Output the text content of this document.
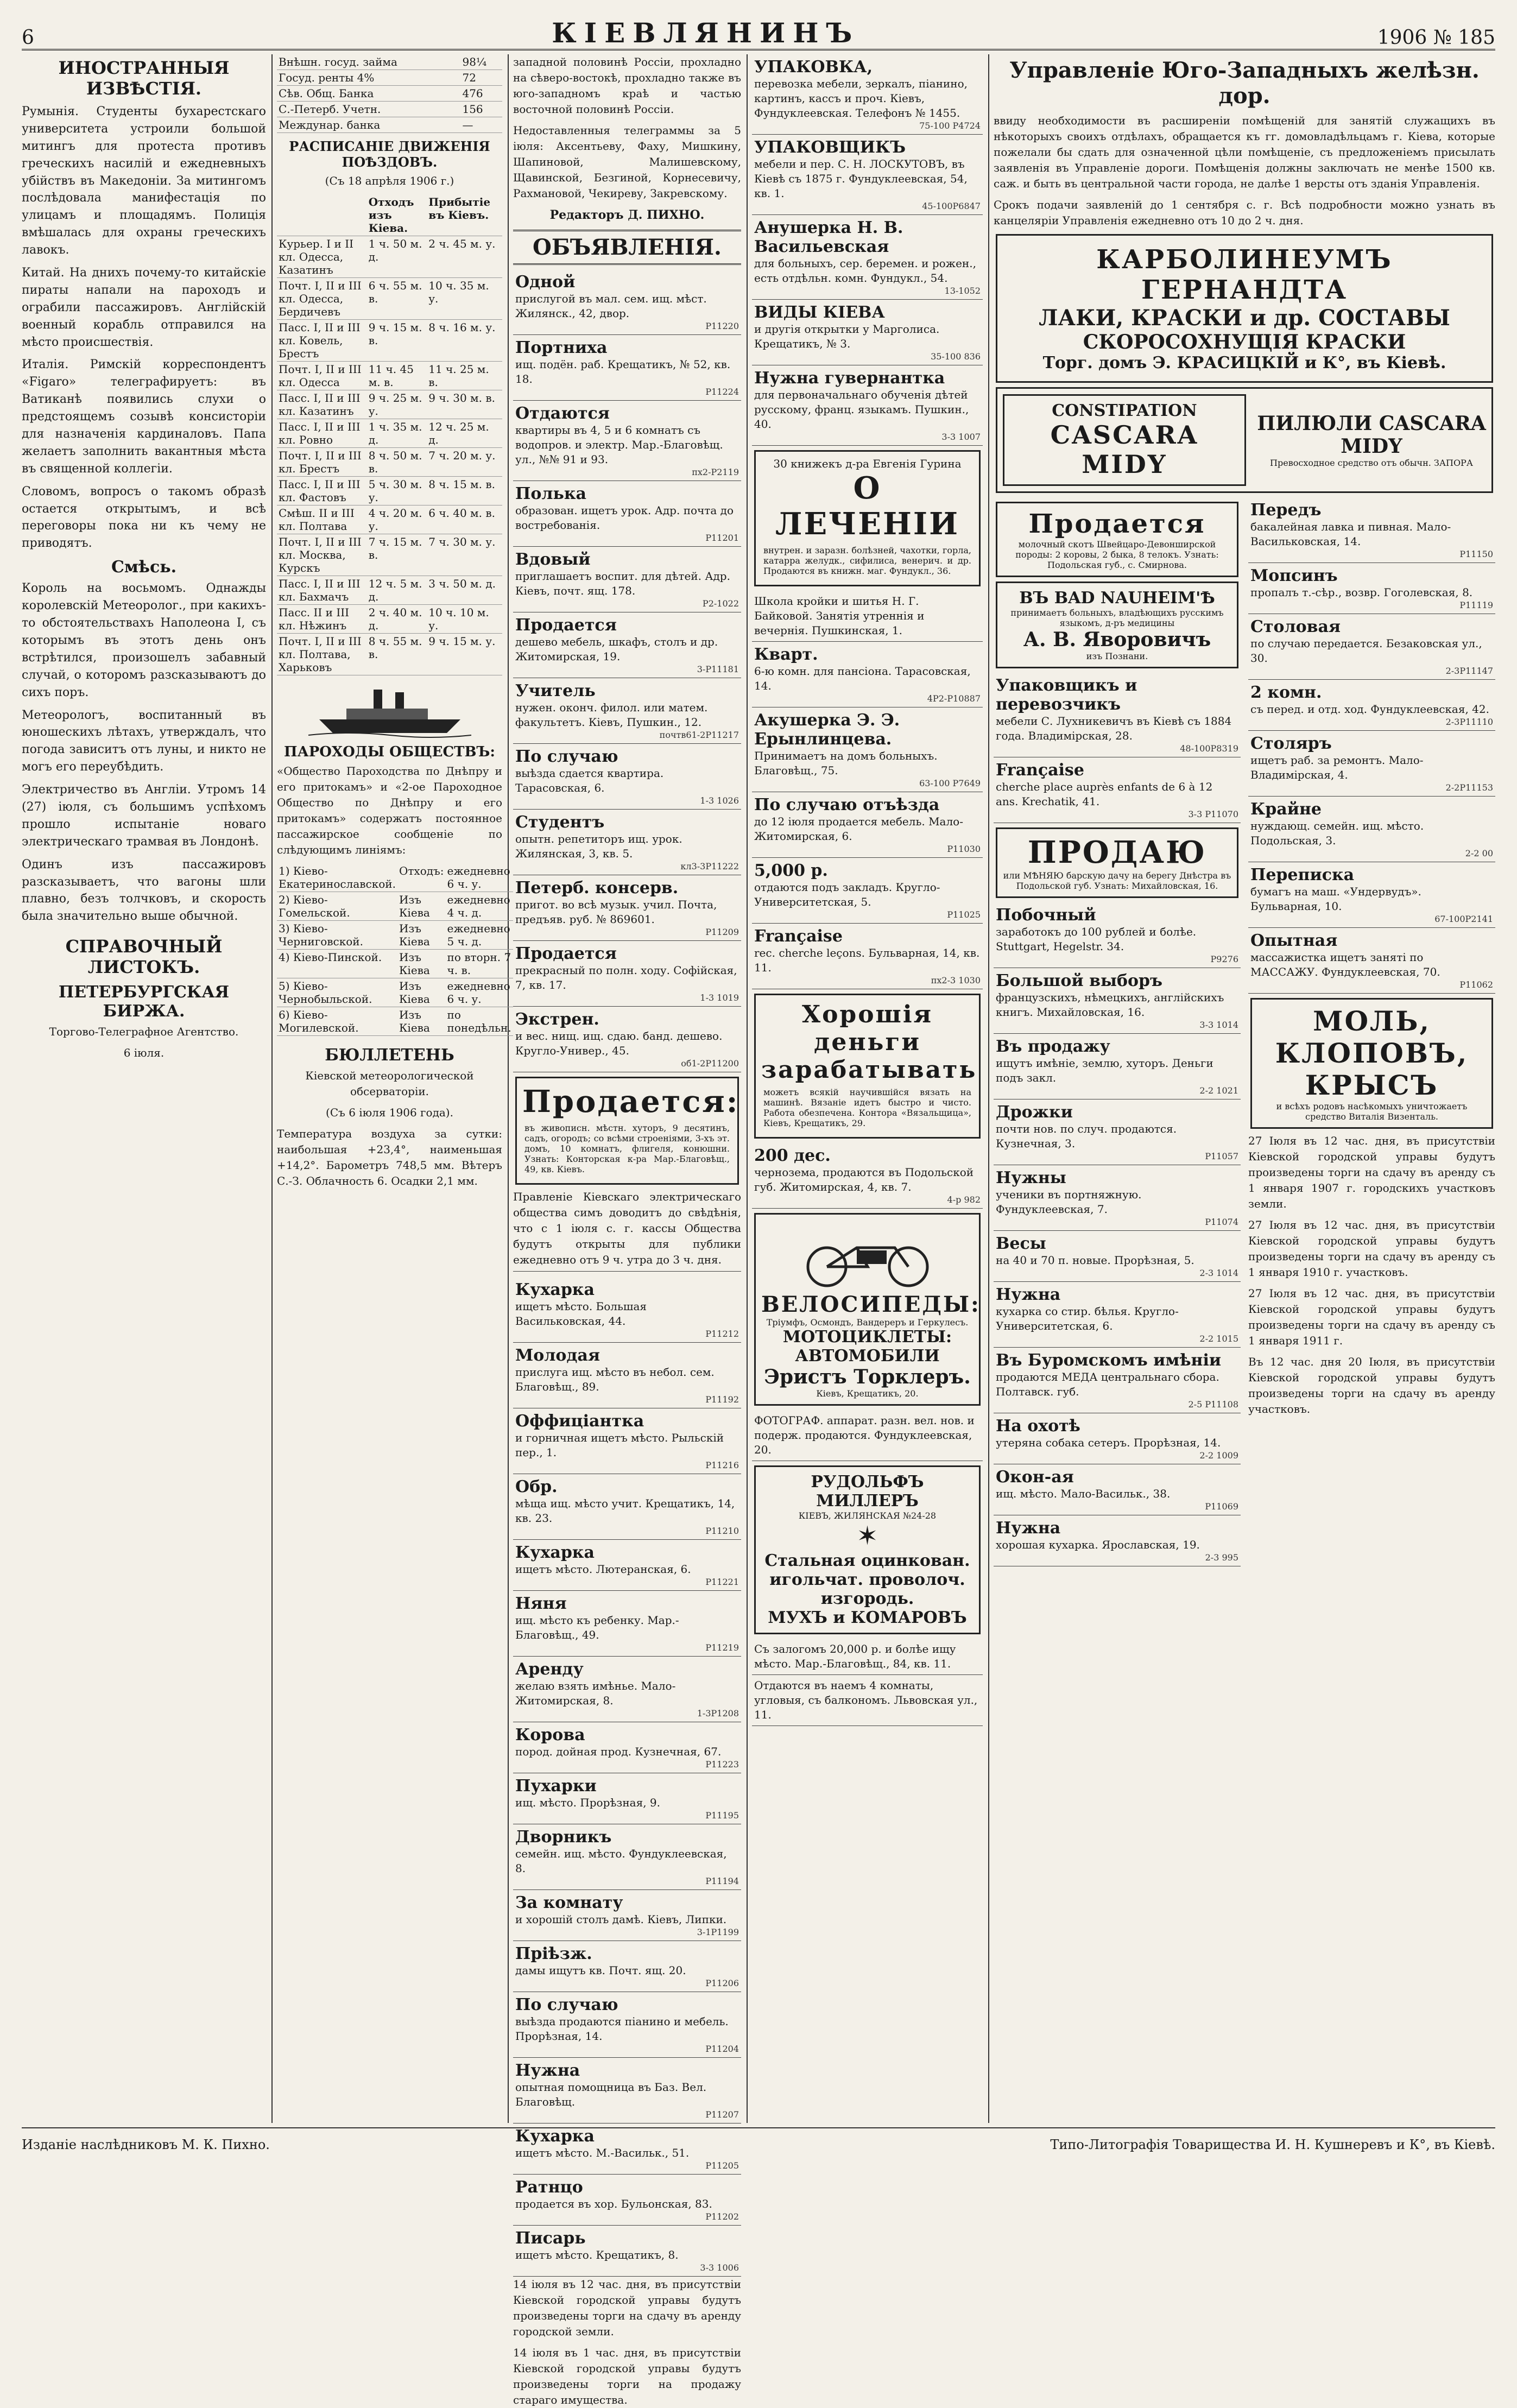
6	КІЕВЛЯНИНЪ	1906 № 185
ИНОСТРАННЫЯ ИЗВѢСТІЯ.

Румынія. Студенты бухарестскаго университета устроили большой митингъ для протеста противъ греческихъ насилій и ежедневныхъ убійствъ въ Македоніи. За митингомъ послѣдовала манифестація по улицамъ и площадямъ. Полиція вмѣшалась для охраны греческихъ лавокъ.

Китай. На днихъ почему-то китайскіе пираты напали на пароходъ и ограбили пассажировъ. Англійскій военный корабль отправился на мѣсто происшествія.

Италія. Римскій корреспондентъ «Figaro» телеграфируетъ: въ Ватиканѣ появились слухи о предстоящемъ созывѣ консисторіи для назначенія кардиналовъ. Папа желаетъ заполнить вакантныя мѣста въ священной коллегіи.

Словомъ, вопросъ о такомъ образѣ остается открытымъ, и всѣ переговоры пока ни къ чему не приводятъ.

Смѣсь.

Король на восьмомъ. Однажды королевскій Метеоролог., при какихъ-то обстоятельствахъ Наполеона I, съ которымъ въ этотъ день онъ встрѣтился, произошелъ забавный случай, о которомъ разсказываютъ до сихъ поръ.

Метеорологъ, воспитанный въ юношескихъ лѣтахъ, утверждалъ, что погода зависитъ отъ луны, и никто не могъ его переубѣдить.

Электричество въ Англіи. Утромъ 14 (27) іюля, съ большимъ успѣхомъ прошло испытаніе новаго электрическаго трамвая въ Лондонѣ.

Одинъ изъ пассажировъ разсказываетъ, что вагоны шли плавно, безъ толчковъ, и скорость была значительно выше обычной.

СПРАВОЧНЫЙ ЛИСТОКЪ.
ПЕТЕРБУРГСКАЯ БИРЖА.

Торгово-Телеграфное Агентство.

6 іюля.

Внѣшн. госуд. займа	98¼
Госуд. ренты 4%	72
Сѣв. Общ. Банка	476
С.-Петерб. Учетн.	156
Междунар. банка	—
РАСПИСАНІЕ ДВИЖЕНІЯ ПОѢЗДОВЪ.

(Съ 18 апрѣля 1906 г.)

	Отходъ изъ Кіева.	Прибытіе въ Кіевъ.
Курьер. I и II кл. Одесса, Казатинъ	1 ч. 50 м. д.	2 ч. 45 м. у.
Почт. I, II и III кл. Одесса, Бердичевъ	6 ч. 55 м. в.	10 ч. 35 м. у.
Пасс. I, II и III кл. Ковель, Брестъ	9 ч. 15 м. в.	8 ч. 16 м. у.
Почт. I, II и III кл. Одесса	11 ч. 45 м. в.	11 ч. 25 м. в.
Пасс. I, II и III кл. Казатинъ	9 ч. 25 м. у.	9 ч. 30 м. в.
Пасс. I, II и III кл. Ровно	1 ч. 35 м. д.	12 ч. 25 м. д.
Почт. I, II и III кл. Брестъ	8 ч. 50 м. в.	7 ч. 20 м. у.
Пасс. I, II и III кл. Фастовъ	5 ч. 30 м. у.	8 ч. 15 м. в.
Смѣш. II и III кл. Полтава	4 ч. 20 м. у.	6 ч. 40 м. в.
Почт. I, II и III кл. Москва, Курскъ	7 ч. 15 м. в.	7 ч. 30 м. у.
Пасс. I, II и III кл. Бахмачъ	12 ч. 5 м. д.	3 ч. 50 м. д.
Пасс. II и III кл. Нѣжинъ	2 ч. 40 м. д.	10 ч. 10 м. у.
Почт. I, II и III кл. Полтава, Харьковъ	8 ч. 55 м. в.	9 ч. 15 м. у.
ПАРОХОДЫ ОБЩЕСТВЪ:

«Общество Пароходства по Днѣпру и его притокамъ» и «2-ое Пароходное Общество по Днѣпру и его притокамъ» содержатъ постоянное пассажирское сообщеніе по слѣдующимъ линіямъ:

1) Кіево-Екатеринославской.	Отходъ:	ежедневно 6 ч. у.
2) Кіево-Гомельской.	Изъ Кіева	ежедневно 4 ч. д.
3) Кіево-Черниговской.	Изъ Кіева	ежедневно 5 ч. д.
4) Кіево-Пинской.	Изъ Кіева	по вторн. 7 ч. в.
5) Кіево-Чернобыльской.	Изъ Кіева	ежедневно 6 ч. у.
6) Кіево-Могилевской.	Изъ Кіева	по понедѣльн.
БЮЛЛЕТЕНЬ

Кіевской метеорологической обсерваторіи.

(Съ 6 іюля 1906 года).

Температура воздуха за сутки: наибольшая +23,4°, наименьшая +14,2°. Барометръ 748,5 мм. Вѣтеръ С.-З. Облачность 6. Осадки 2,1 мм.

западной половинѣ Россіи, прохладно на сѣверо-востокѣ, прохладно также въ юго-западномъ краѣ и частью восточной половинѣ Россіи.

Недоставленныя телеграммы за 5 іюля: Аксентьеву, Фаху, Мишкину, Шапиновой, Малишевскому, Щавинской, Безгиной, Корнесевичу, Рахмановой, Чекиреву, Закревскому.

Редакторъ Д. ПИХНО.

ОБЪЯВЛЕНІЯ.
Одной
прислугой въ мал. сем. ищ. мѣст. Жилянск., 42, двор.
Р11220
Портниха
ищ. подён. раб. Крещатикъ, № 52, кв. 18.
Р11224
Отдаются
квартиры въ 4, 5 и 6 комнатъ съ водопров. и электр. Мар.-Благовѣщ. ул., №№ 91 и 93.
пх2-Р2119
Полька
образован. ищетъ урок. Адр. почта до востребованія.
Р11201
Вдовый
приглашаетъ воспит. для дѣтей. Адр. Кіевъ, почт. ящ. 178.
Р2-1022
Продается
дешево мебель, шкафъ, столъ и др. Житомирская, 19.
3-Р11181
Учитель
нужен. оконч. филол. или матем. факультетъ. Кіевъ, Пушкин., 12.
почтв61-2Р11217
По случаю
выѣзда сдается квартира. Тарасовская, 6.
1-3 1026
Студентъ
опытн. репетиторъ ищ. урок. Жилянская, 3, кв. 5.
кл3-3Р11222
Петерб. консерв.
пригот. во всѣ музык. учил. Почта, предъяв. руб. № 869601.
Р11209
Продается
прекрасный по полн. ходу. Софійская, 7, кв. 17.
1-3 1019
Экстрен.
и вес. нищ. ищ. сдаю. банд. дешево. Кругло-Универ., 45.
об1-2Р11200
Продается:
въ живописн. мѣстн. хуторъ, 9 десятинъ, садъ, огородъ; со всѣми строеніями, 3-хъ эт. домъ, 10 комнатъ, флигеля, конюшни. Узнать: Конторская к-ра Мар.-Благовѣщ., 49, кв. Кіевъ.

Правленіе Кіевскаго электрическаго общества симъ доводитъ до свѣдѣнія, что с 1 іюля с. г. кассы Общества будутъ открыты для публики ежедневно отъ 9 ч. утра до 3 ч. дня.

Кухарка
ищетъ мѣсто. Большая Васильковская, 44.
Р11212
Молодая
прислуга ищ. мѣсто въ небол. сем. Благовѣщ., 89.
Р11192
Оффиціантка
и горничная ищетъ мѣсто. Рыльскій пер., 1.
Р11216
Обр.
мѣща ищ. мѣсто учит. Крещатикъ, 14, кв. 23.
Р11210
Кухарка
ищетъ мѣсто. Лютеранская, 6.
Р11221
Няня
ищ. мѣсто къ ребенку. Мар.-Благовѣщ., 49.
Р11219
Аренду
желаю взять имѣнье. Мало-Житомирская, 8.
1-3Р1208
Корова
пород. дойная прод. Кузнечная, 67.
Р11223
Пухарки
ищ. мѣсто. Прорѣзная, 9.
Р11195
Дворникъ
семейн. ищ. мѣсто. Фундуклеевская, 8.
Р11194
За комнату
и хорошій столъ дамѣ. Кіевъ, Липки.
3-1Р1199
Пріѣзж.
дамы ищутъ кв. Почт. ящ. 20.
Р11206
По случаю
выѣзда продаются піанино и мебель. Прорѣзная, 14.
Р11204
Нужна
опытная помощница въ Баз. Вел. Благовѣщ.
Р11207
Кухарка
ищетъ мѣсто. М.-Васильк., 51.
Р11205
Ратнцо
продается въ хор. Бульонская, 83.
Р11202
Писарь
ищетъ мѣсто. Крещатикъ, 8.
3-3 1006

14 іюля въ 12 час. дня, въ присутствіи Кіевской городской управы будутъ произведены торги на сдачу въ аренду городской земли.

14 іюля въ 1 час. дня, въ присутствіи Кіевской городской управы будутъ произведены торги на продажу стараго имущества.

УПАКОВКА,
перевозка мебели, зеркалъ, піанино, картинъ, кассъ и проч. Кіевъ, Фундуклеевская. Телефонъ № 1455.
75-100 Р4724
УПАКОВЩИКЪ
мебели и пер. С. Н. ЛОСКУТОВЪ, въ Кіевѣ съ 1875 г. Фундуклеевская, 54, кв. 1.
45-100Р6847
Анушерка Н. В. Васильевская
для больныхъ, сер. беремен. и рожен., есть отдѣльн. комн. Фундукл., 54.
13-1052
ВИДЫ КІЕВА
и другія открытки у Марголиса. Крещатикъ, № 3.
35-100 836
Нужна гувернантка
для первоначальнаго обученія дѣтей русскому, франц. языкамъ. Пушкин., 40.
3-3 1007
30 книжекъ д-ра Евгенія Гурина
О ЛЕЧЕНІИ
внутрен. и заразн. болѣзней, чахотки, горла, катарра желудк., сифилиса, венерич. и др. Продаются въ книжн. маг. Фундукл., 36.
Школа кройки и шитья Н. Г. Байковой. Занятія утреннія и вечернія. Пушкинская, 1.
Кварт.
6-ю комн. для пансіона. Тарасовская, 14.
4Р2-Р10887
Акушерка Э. Э. Ерынлинцева.
Принимаетъ на домъ больныхъ. Благовѣщ., 75.
63-100 Р7649
По случаю отъѣзда
до 12 іюля продается мебель. Мало-Житомирская, 6.
Р11030
5,000 р.
отдаются подъ закладъ. Кругло-Университетская, 5.
Р11025
Française
rec. cherche leçons. Бульварная, 14, кв. 11.
пх2-3 1030
Хорошія деньги зарабатывать
можетъ всякій научившійся вязать на машинѣ. Вязаніе идетъ быстро и чисто. Работа обезпечена. Контора «Вязальщица», Кіевъ, Крещатикъ, 29.
200 дес.
чернозема, продаются въ Подольской губ. Житомирская, 4, кв. 7.
4-р 982
ВЕЛОСИПЕДЫ:
Тріумфъ, Осмондъ, Вандереръ и Геркулесъ.
МОТОЦИКЛЕТЫ:
АВТОМОБИЛИ
Эристъ Торклеръ.
Кіевъ, Крещатикъ, 20.
ФОТОГРАФ. аппарат. разн. вел. нов. и подерж. продаются. Фундуклеевская, 20.
РУДОЛЬФЪ МИЛЛЕРЪ
КІЕВЪ, ЖИЛЯНСКАЯ №24-28
✶
Стальная оцинкован. игольчат. проволоч. изгородь.
МУХЪ и КОМАРОВЪ
Съ залогомъ 20,000 р. и болѣе ищу мѣсто. Мар.-Благовѣщ., 84, кв. 11.
Отдаются въ наемъ 4 комнаты, угловыя, съ балкономъ. Львовская ул., 11.
Управленіе Юго-Западныхъ желѣзн. дор.

ввиду необходимости въ расширеніи помѣщеній для занятій служащихъ въ нѣкоторыхъ своихъ отдѣлахъ, обращается къ гг. домовладѣльцамъ г. Кіева, которые пожелали бы сдать для означенной цѣли помѣщеніе, съ предложеніемъ присылать заявленія въ Управленіе дороги. Помѣщенія должны заключать не менѣе 1500 кв. саж. и быть въ центральной части города, не далѣе 1 версты отъ зданія Управленія.

Срокъ подачи заявленій до 1 сентября с. г. Всѣ подробности можно узнать въ канцеляріи Управленія ежедневно отъ 10 до 2 ч. дня.

КАРБОЛИНЕУМЪ ГЕРНАНДТА
ЛАКИ, КРАСКИ и др. СОСТАВЫ
СКОРОСОХНУЩІЯ КРАСКИ
Торг. домъ Э. КРАСИЦКІЙ и К°, въ Кіевѣ.
CONSTIPATION
CASCARA MIDY
ПИЛЮЛИ CASCARA MIDY
Превосходное средство отъ обычн. ЗАПОРА
Продается
молочный скотъ Швейцаро-Девонширской породы: 2 коровы, 2 быка, 8 телокъ. Узнать: Подольская губ., с. Смирнова.
ВЪ BAD NAUHEIM'Ѣ
принимаетъ больныхъ, владѣющихъ русскимъ языкомъ, д-ръ медицины
А. В. Яворовичъ
изъ Познани.
Упаковщикъ и перевозчикъ
мебели С. Лухникевичъ въ Кіевѣ съ 1884 года. Владимірская, 28.
48-100Р8319
Française
cherche place auprès enfants de 6 à 12 ans. Krechatik, 41.
3-3 Р11070
ПРОДАЮ
или МѢНЯЮ барскую дачу на берегу Днѣстра въ Подольской губ. Узнать: Михайловская, 16.
Побочный
заработокъ до 100 рублей и болѣе. Stuttgart, Hegelstr. 34.
Р9276
Большой выборъ
французскихъ, нѣмецкихъ, англійскихъ книгъ. Михайловская, 16.
3-3 1014
Въ продажу
ищутъ имѣніе, землю, хуторъ. Деньги подъ закл.
2-2 1021
Дрожки
почти нов. по случ. продаются. Кузнечная, 3.
Р11057
Нужны
ученики въ портняжную. Фундуклеевская, 7.
Р11074
Весы
на 40 и 70 п. новые. Прорѣзная, 5.
2-3 1014
Нужна
кухарка со стир. бѣлья. Кругло-Университетская, 6.
2-2 1015
Въ Буромскомъ имѣніи
продаются МЕДА центральнаго сбора. Полтавск. губ.
2-5 Р11108
На охотѣ
утеряна собака сетеръ. Прорѣзная, 14.
2-2 1009
Окон-ая
ищ. мѣсто. Мало-Васильк., 38.
Р11069
Нужна
хорошая кухарка. Ярославская, 19.
2-3 995
Передъ
бакалейная лавка и пивная. Мало-Васильковская, 14.
Р11150
Мопсинъ
пропалъ т.-сѣр., возвр. Гоголевская, 8.
Р11119
Столовая
по случаю передается. Безаковская ул., 30.
2-3Р11147
2 комн.
съ перед. и отд. ход. Фундуклеевская, 42.
2-3Р11110
Столяръ
ищетъ раб. за ремонтъ. Мало-Владимірская, 4.
2-2Р11153
Крайне
нуждающ. семейн. ищ. мѣсто. Подольская, 3.
2-2 00
Переписка
бумагъ на маш. «Ундервудъ». Бульварная, 10.
67-100Р2141
Опытная
массажистка ищетъ заняті по МАССАЖУ. Фундуклеевская, 70.
Р11062
МОЛЬ, КЛОПОВЪ, КРЫСЪ
и всѣхъ родовъ насѣкомыхъ уничтожаетъ средство Виталія Визенталь.

27 Іюля въ 12 час. дня, въ присутствіи Кіевской городской управы будутъ произведены торги на сдачу въ аренду съ 1 января 1907 г. городскихъ участковъ земли.

27 Іюля въ 12 час. дня, въ присутствіи Кіевской городской управы будутъ произведены торги на сдачу въ аренду съ 1 января 1910 г. участковъ.

27 Іюля въ 12 час. дня, въ присутствіи Кіевской городской управы будутъ произведены торги на сдачу въ аренду съ 1 января 1911 г.

Въ 12 час. дня 20 Іюля, въ присутствіи Кіевской городской управы будутъ произведены торги на сдачу въ аренду участковъ.

Изданіе наслѣдниковъ М. К. Пихно.	Типо-Литографія Товарищества И. Н. Кушнеревъ и К°, въ Кіевѣ.
